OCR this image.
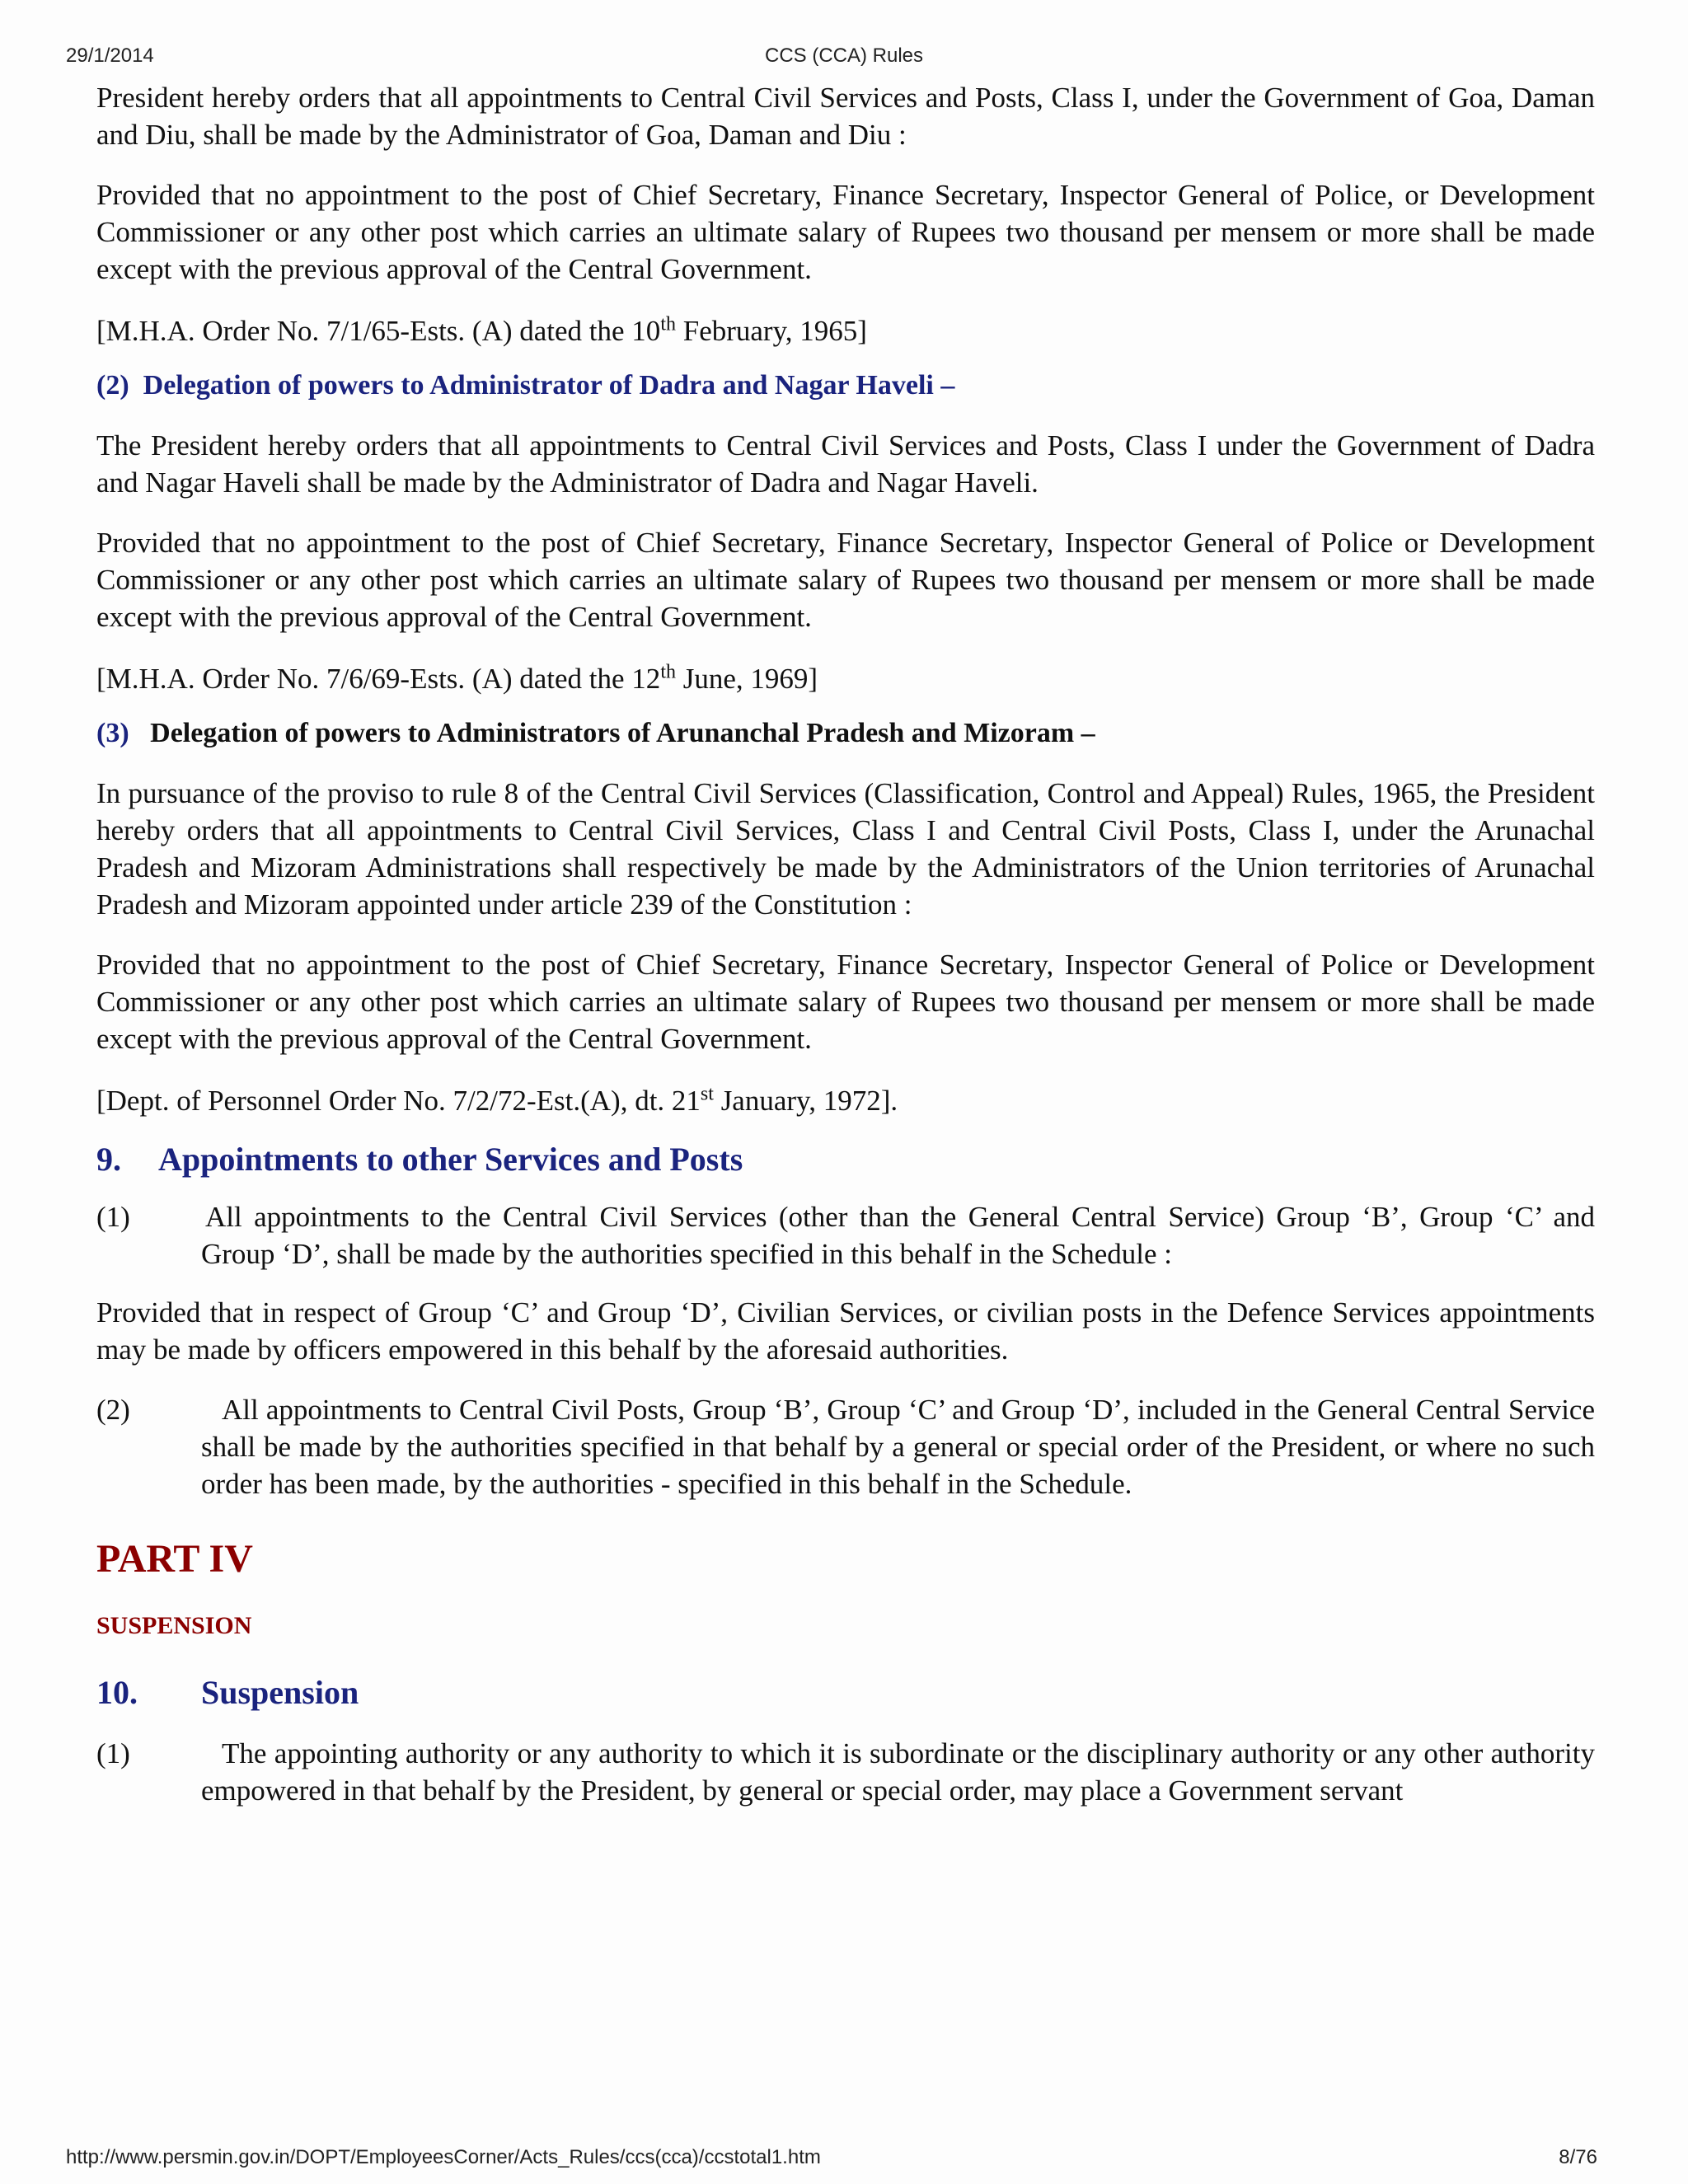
29/1/2014	CCS (CCA) Rules

President hereby orders that all appointments to Central Civil Services and Posts, Class I, under the Government of Goa, Daman and Diu, shall be made by the Administrator of Goa, Daman and Diu :

Provided that no appointment to the post of Chief Secretary, Finance Secretary, Inspector General of Police, or Development Commissioner or any other post which carries an ultimate salary of Rupees two thousand per mensem or more shall be made except with the previous approval of the Central Government.

[M.H.A. Order No. 7/1/65-Ests. (A) dated the 10th February, 1965]

(2) Delegation of powers to Administrator of Dadra and Nagar Haveli –

The President hereby orders that all appointments to Central Civil Services and Posts, Class I under the Government of Dadra and Nagar Haveli shall be made by the Administrator of Dadra and Nagar Haveli.

Provided that no appointment to the post of Chief Secretary, Finance Secretary, Inspector General of Police or Development Commissioner or any other post which carries an ultimate salary of Rupees two thousand per mensem or more shall be made except with the previous approval of the Central Government.

[M.H.A. Order No. 7/6/69-Ests. (A) dated the 12th June, 1969]

(3) Delegation of powers to Administrators of Arunanchal Pradesh and Mizoram –

In pursuance of the proviso to rule 8 of the Central Civil Services (Classification, Control and Appeal) Rules, 1965, the President hereby orders that all appointments to Central Civil Services, Class I and Central Civil Posts, Class I, under the Arunachal Pradesh and Mizoram Administrations shall respectively be made by the Administrators of the Union territories of Arunachal Pradesh and Mizoram appointed under article 239 of the Constitution :

Provided that no appointment to the post of Chief Secretary, Finance Secretary, Inspector General of Police or Development Commissioner or any other post which carries an ultimate salary of Rupees two thousand per mensem or more shall be made except with the previous approval of the Central Government.

[Dept. of Personnel Order No. 7/2/72-Est.(A), dt. 21st January, 1972].

9. Appointments to other Services and Posts

(1)	All appointments to the Central Civil Services (other than the General Central Service) Group ‘B’, Group ‘C’ and Group ‘D’, shall be made by the authorities specified in this behalf in the Schedule :

Provided that in respect of Group ‘C’ and Group ‘D’, Civilian Services, or civilian posts in the Defence Services appointments may be made by officers empowered in this behalf by the aforesaid authorities.

(2)	All appointments to Central Civil Posts, Group ‘B’, Group ‘C’ and Group ‘D’, included in the General Central Service shall be made by the authorities specified in that behalf by a general or special order of the President, or where no such order has been made, by the authorities - specified in this behalf in the Schedule.

PART IV

SUSPENSION

10. Suspension

(1)	The appointing authority or any authority to which it is subordinate or the disciplinary authority or any other authority empowered in that behalf by the President, by general or special order, may place a Government servant
http://www.persmin.gov.in/DOPT/EmployeesCorner/Acts_Rules/ccs(cca)/ccstotal1.htm	8/76
